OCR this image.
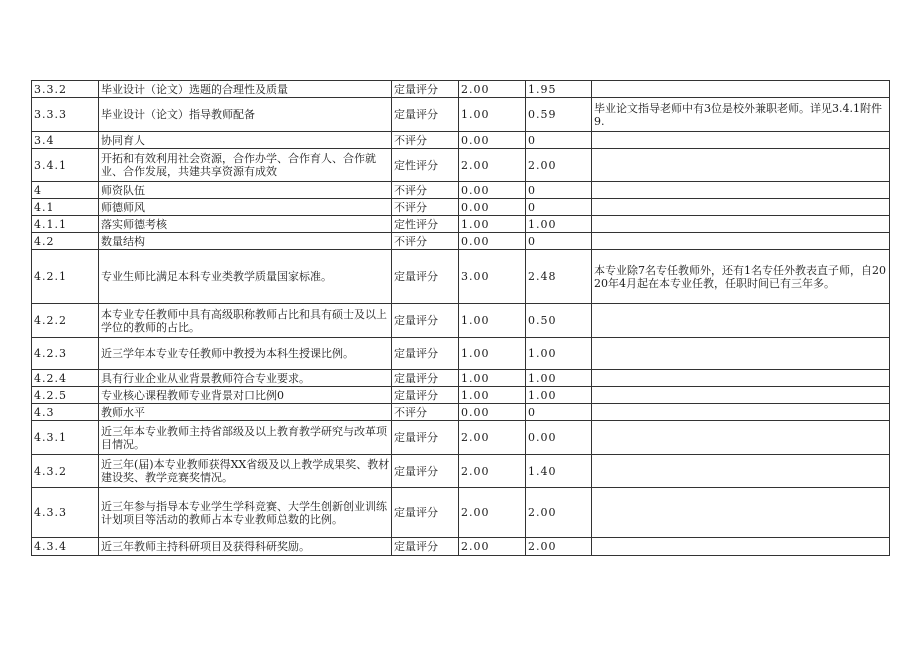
3.3.2	毕业设计（论文）选题的合理性及质量	定量评分	2.00	1.95	
3.3.3	毕业设计（论文）指导教师配备	定量评分	1.00	0.59	毕业论文指导老师中有3位是校外兼职老师。详见3.4.1附件9.
3.4	协同育人	不评分	0.00	0	
3.4.1	开拓和有效利用社会资源，合作办学、合作育人、合作就业、合作发展，共建共享资源有成效	定性评分	2.00	2.00	
4	师资队伍	不评分	0.00	0	
4.1	师德师风	不评分	0.00	0	
4.1.1	落实师德考核	定性评分	1.00	1.00	
4.2	数量结构	不评分	0.00	0	
4.2.1	专业生师比满足本科专业类教学质量国家标准。	定量评分	3.00	2.48	本专业除7名专任教师外，还有1名专任外教表直子师，自2020年4月起在本专业任教，任职时间已有三年多。
4.2.2	本专业专任教师中具有高级职称教师占比和具有硕士及以上学位的教师的占比。	定量评分	1.00	0.50	
4.2.3	近三学年本专业专任教师中教授为本科生授课比例。	定量评分	1.00	1.00	
4.2.4	具有行业企业从业背景教师符合专业要求。	定量评分	1.00	1.00	
4.2.5	专业核心课程教师专业背景对口比例0	定量评分	1.00	1.00	
4.3	教师水平	不评分	0.00	0	
4.3.1	近三年本专业教师主持省部级及以上教育教学研究与改革项目情况。	定量评分	2.00	0.00	
4.3.2	近三年(届)本专业教师获得XX省级及以上教学成果奖、教材建设奖、教学竞赛奖情况。	定量评分	2.00	1.40	
4.3.3	近三年参与指导本专业学生学科竞赛、大学生创新创业训练计划项目等活动的教师占本专业教师总数的比例。	定量评分	2.00	2.00	
4.3.4	近三年教师主持科研项目及获得科研奖励。	定量评分	2.00	2.00	
